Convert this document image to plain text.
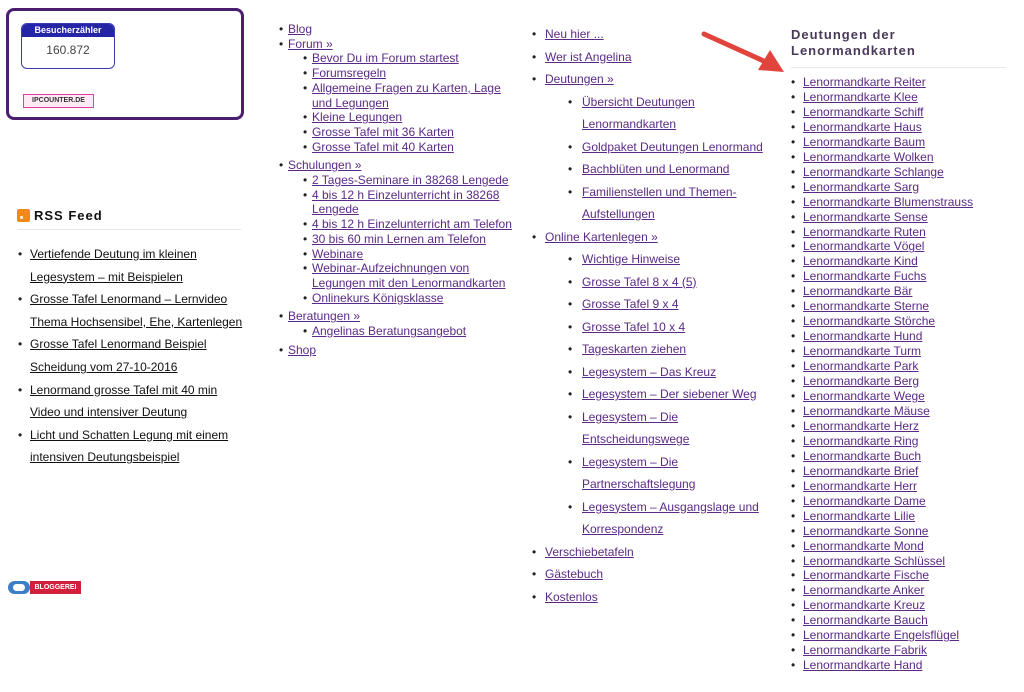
Besucherzähler
160.872
IPCOUNTER.DE
RSS Feed
• Vertiefende Deutung im kleinen Legesystem – mit Beispielen
• Grosse Tafel Lenormand – Lernvideo Thema Hochsensibel, Ehe, Kartenlegen
• Grosse Tafel Lenormand Beispiel Scheidung vom 27-10-2016
• Lenormand grosse Tafel mit 40 min Video und intensiver Deutung
• Licht und Schatten Legung mit einem intensiven Deutungsbeispiel
BLOGGEREI
• Blog
• Forum »
• Bevor Du im Forum startest
• Forumsregeln
• Allgemeine Fragen zu Karten, Lage und Legungen
• Kleine Legungen
• Grosse Tafel mit 36 Karten
• Grosse Tafel mit 40 Karten
• Schulungen »
• 2 Tages-Seminare in 38268 Lengede
• 4 bis 12 h Einzelunterricht in 38268 Lengede
• 4 bis 12 h Einzelunterricht am Telefon
• 30 bis 60 min Lernen am Telefon
• Webinare
• Webinar-Aufzeichnungen von Legungen mit den Lenormandkarten
• Onlinekurs Königsklasse
• Beratungen »
• Angelinas Beratungsangebot
• Shop
• Neu hier ...
• Wer ist Angelina
• Deutungen »
• Übersicht Deutungen Lenormandkarten
• Goldpaket Deutungen Lenormand
• Bachblüten und Lenormand
• Familienstellen und Themen-Aufstellungen
• Online Kartenlegen »
• Wichtige Hinweise
• Grosse Tafel 8 x 4 (5)
• Grosse Tafel 9 x 4
• Grosse Tafel 10 x 4
• Tageskarten ziehen
• Legesystem – Das Kreuz
• Legesystem – Der siebener Weg
• Legesystem – Die Entscheidungswege
• Legesystem – Die Partnerschaftslegung
• Legesystem – Ausgangslage und Korrespondenz
• Verschiebetafeln
• Gästebuch
• Kostenlos
Deutungen der Lenormandkarten
• Lenormandkarte Reiter
• Lenormandkarte Klee
• Lenormandkarte Schiff
• Lenormandkarte Haus
• Lenormandkarte Baum
• Lenormandkarte Wolken
• Lenormandkarte Schlange
• Lenormandkarte Sarg
• Lenormandkarte Blumenstrauss
• Lenormandkarte Sense
• Lenormandkarte Ruten
• Lenormandkarte Vögel
• Lenormandkarte Kind
• Lenormandkarte Fuchs
• Lenormandkarte Bär
• Lenormandkarte Sterne
• Lenormandkarte Störche
• Lenormandkarte Hund
• Lenormandkarte Turm
• Lenormandkarte Park
• Lenormandkarte Berg
• Lenormandkarte Wege
• Lenormandkarte Mäuse
• Lenormandkarte Herz
• Lenormandkarte Ring
• Lenormandkarte Buch
• Lenormandkarte Brief
• Lenormandkarte Herr
• Lenormandkarte Dame
• Lenormandkarte Lilie
• Lenormandkarte Sonne
• Lenormandkarte Mond
• Lenormandkarte Schlüssel
• Lenormandkarte Fische
• Lenormandkarte Anker
• Lenormandkarte Kreuz
• Lenormandkarte Bauch
• Lenormandkarte Engelsflügel
• Lenormandkarte Fabrik
• Lenormandkarte Hand
